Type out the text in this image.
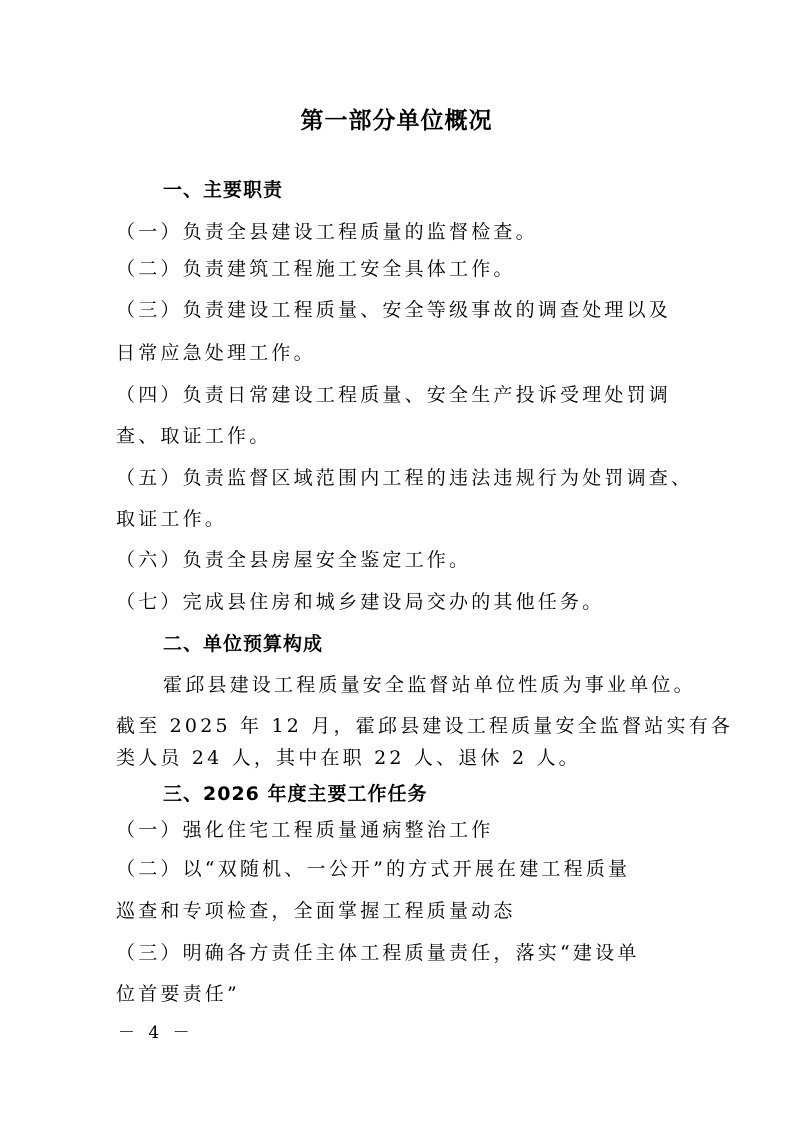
第一部分单位概况
一、主要职责
（一）负责全县建设工程质量的监督检查。
（二）负责建筑工程施工安全具体工作。
（三）负责建设工程质量、安全等级事故的调查处理以及
日常应急处理工作。
（四）负责日常建设工程质量、安全生产投诉受理处罚调
查、取证工作。
（五）负责监督区域范围内工程的违法违规行为处罚调查、
取证工作。
（六）负责全县房屋安全鉴定工作。
（七）完成县住房和城乡建设局交办的其他任务。
二、单位预算构成
霍邱县建设工程质量安全监督站单位性质为事业单位。
截至 2025 年 12 月，霍邱县建设工程质量安全监督站实有各
类人员 24 人，其中在职 22 人、退休 2 人。
三、2026 年度主要工作任务
（一）强化住宅工程质量通病整治工作
（二）以“双随机、一公开”的方式开展在建工程质量
巡查和专项检查，全面掌握工程质量动态
（三）明确各方责任主体工程质量责任，落实“建设单
位首要责任”
－ 4 －
